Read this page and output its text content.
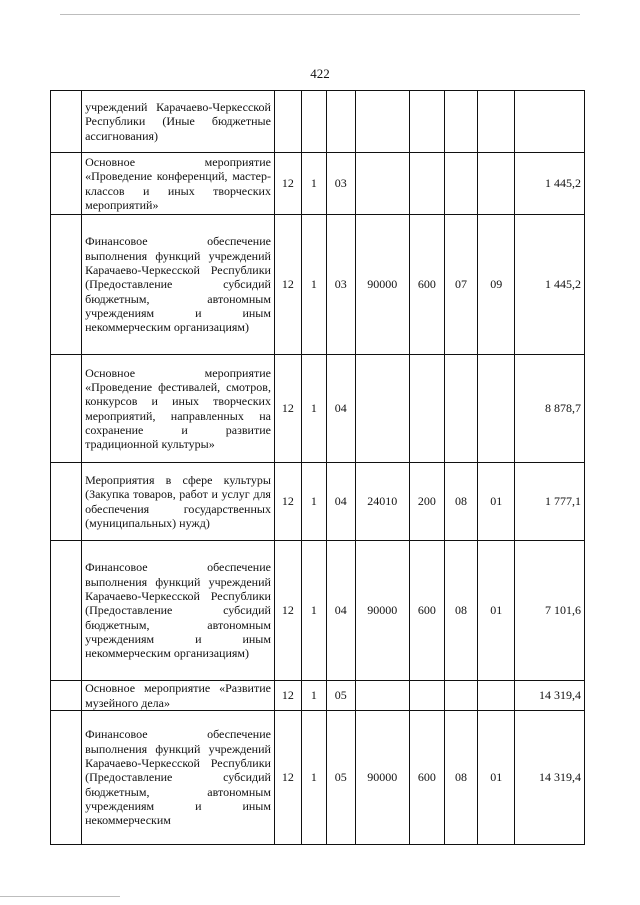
422
	учреждений Карачаево-Черкесской Республики (Иные бюджетные ассигнования)								
	Основное мероприятие «Проведение конференций, мастер-классов и иных творческих мероприятий»	12	1	03					1 445,2
	Финансовое обеспечение выполнения функций учреждений Карачаево-Черкесской Республики (Предоставление субсидий бюджетным, автономным учреждениям и иным некоммерческим организациям)	12	1	03	90000	600	07	09	1 445,2
	Основное мероприятие «Проведение фестивалей, смотров, конкурсов и иных творческих мероприятий, направленных на сохранение и развитие традиционной культуры»	12	1	04					8 878,7
	Мероприятия в сфере культуры (Закупка товаров, работ и услуг для обеспечения государственных (муниципальных) нужд)	12	1	04	24010	200	08	01	1 777,1
	Финансовое обеспечение выполнения функций учреждений Карачаево-Черкесской Республики (Предоставление субсидий бюджетным, автономным учреждениям и иным некоммерческим организациям)	12	1	04	90000	600	08	01	7 101,6
	Основное мероприятие «Развитие музейного дела»	12	1	05					14 319,4
	Финансовое обеспечение выполнения функций учреждений Карачаево-Черкесской Республики (Предоставление субсидий бюджетным, автономным учреждениям и иным некоммерческим	12	1	05	90000	600	08	01	14 319,4
